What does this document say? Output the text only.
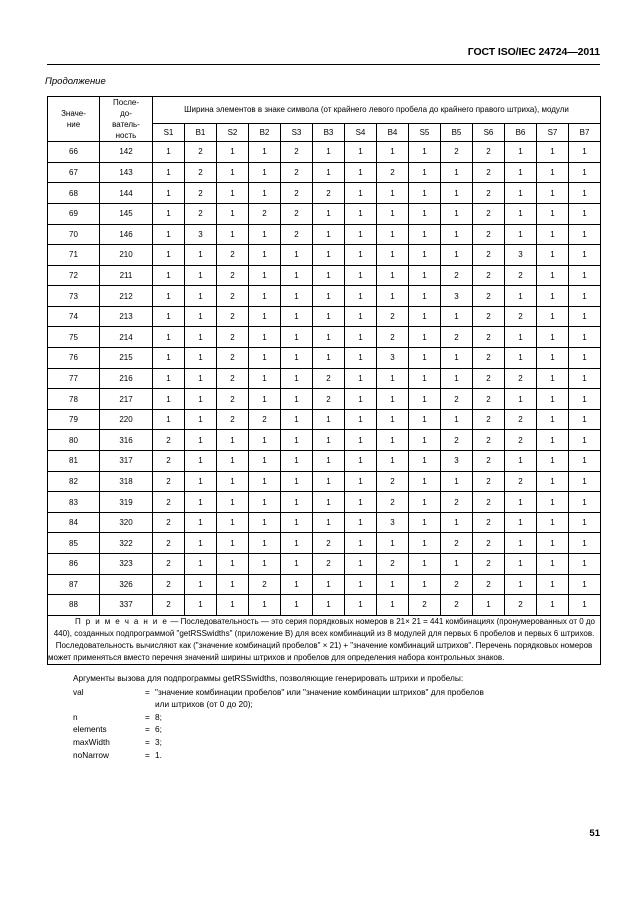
ГОСТ ISO/IEC 24724—2011
Продолжение
Значе-
ние	После-
до-
ватель-
ность	Ширина элементов в знаке символа (от крайнего левого пробела до крайнего правого штриха), модули													
		S1	B1	S2	B2	S3	B3	S4	B4	S5	B5	S6	B6	S7	B7
66	142	1	2	1	1	2	1	1	1	1	2	2	1	1	1
67	143	1	2	1	1	2	1	1	2	1	1	2	1	1	1
68	144	1	2	1	1	2	2	1	1	1	1	2	1	1	1
69	145	1	2	1	2	2	1	1	1	1	1	2	1	1	1
70	146	1	3	1	1	2	1	1	1	1	1	2	1	1	1
71	210	1	1	2	1	1	1	1	1	1	1	2	3	1	1
72	211	1	1	2	1	1	1	1	1	1	2	2	2	1	1
73	212	1	1	2	1	1	1	1	1	1	3	2	1	1	1
74	213	1	1	2	1	1	1	1	2	1	1	2	2	1	1
75	214	1	1	2	1	1	1	1	2	1	2	2	1	1	1
76	215	1	1	2	1	1	1	1	3	1	1	2	1	1	1
77	216	1	1	2	1	1	2	1	1	1	1	2	2	1	1
78	217	1	1	2	1	1	2	1	1	1	2	2	1	1	1
79	220	1	1	2	2	1	1	1	1	1	1	2	2	1	1
80	316	2	1	1	1	1	1	1	1	1	2	2	2	1	1
81	317	2	1	1	1	1	1	1	1	1	3	2	1	1	1
82	318	2	1	1	1	1	1	1	2	1	1	2	2	1	1
83	319	2	1	1	1	1	1	1	2	1	2	2	1	1	1
84	320	2	1	1	1	1	1	1	3	1	1	2	1	1	1
85	322	2	1	1	1	1	2	1	1	1	2	2	1	1	1
86	323	2	1	1	1	1	2	1	2	1	1	2	1	1	1
87	326	2	1	1	2	1	1	1	1	1	2	2	1	1	1
88	337	2	1	1	1	1	1	1	1	2	2	1	2	1	1
П р и м е ч а н и е — Последовательность — это серия порядковых номеров в 21× 21 = 441 комбинациях (пронумерованных от 0 до 440), созданных подпрограммой "getRSSwidths" (приложение В) для всех комбинаций из 8 модулей для первых 6 пробелов и первых 6 штрихов. Последовательность вычисляют как ("значение комбинаций пробелов" × 21) + "значение комбинаций штрихов". Перечень порядковых номеров может применяться вместо перечня значений ширины штрихов и пробелов для определения набора контрольных знаков.															
Аргументы вызова для подпрограммы getRSSwidths, позволяющие генерировать штрихи и пробелы:
val	= "значение комбинации пробелов" или "значение комбинации штрихов" для пробелов
или штрихов (от 0 до 20);
n	= 8;
elements	= 6;
maxWidth	= 3;
noNarrow	= 1.
51
